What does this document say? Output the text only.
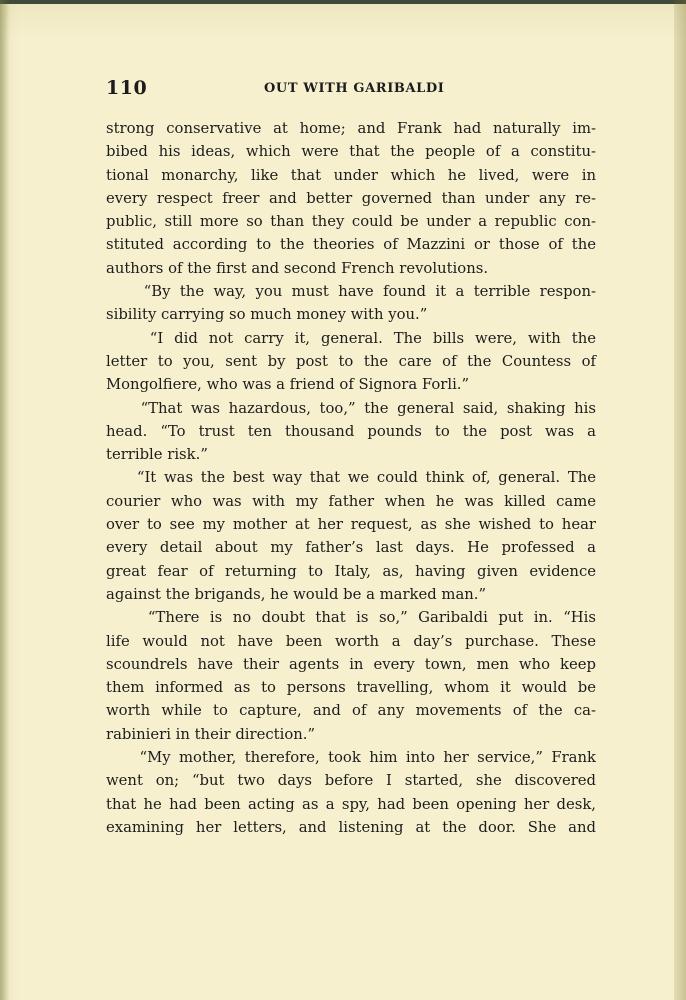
110	OUT WITH GARIBALDI
strong conservative at home; and Frank had naturally im-
bibed his ideas, which were that the people of a constitu-
tional monarchy, like that under which he lived, were in
every respect freer and better governed than under any re-
public, still more so than they could be under a republic con-
stituted according to the theories of Mazzini or those of the
authors of the first and second French revolutions.
“By the way, you must have found it a terrible respon-
sibility carrying so much money with you.”
“I did not carry it, general. The bills were, with the
letter to you, sent by post to the care of the Countess of
Mongolfiere, who was a friend of Signora Forli.”
“That was hazardous, too,” the general said, shaking his
head. “To trust ten thousand pounds to the post was a
terrible risk.”
“It was the best way that we could think of, general. The
courier who was with my father when he was killed came
over to see my mother at her request, as she wished to hear
every detail about my father’s last days. He professed a
great fear of returning to Italy, as, having given evidence
against the brigands, he would be a marked man.”
“There is no doubt that is so,” Garibaldi put in. “His
life would not have been worth a day’s purchase. These
scoundrels have their agents in every town, men who keep
them informed as to persons travelling, whom it would be
worth while to capture, and of any movements of the ca-
rabinieri in their direction.”
“My mother, therefore, took him into her service,” Frank
went on; “but two days before I started, she discovered
that he had been acting as a spy, had been opening her desk,
examining her letters, and listening at the door. She and
